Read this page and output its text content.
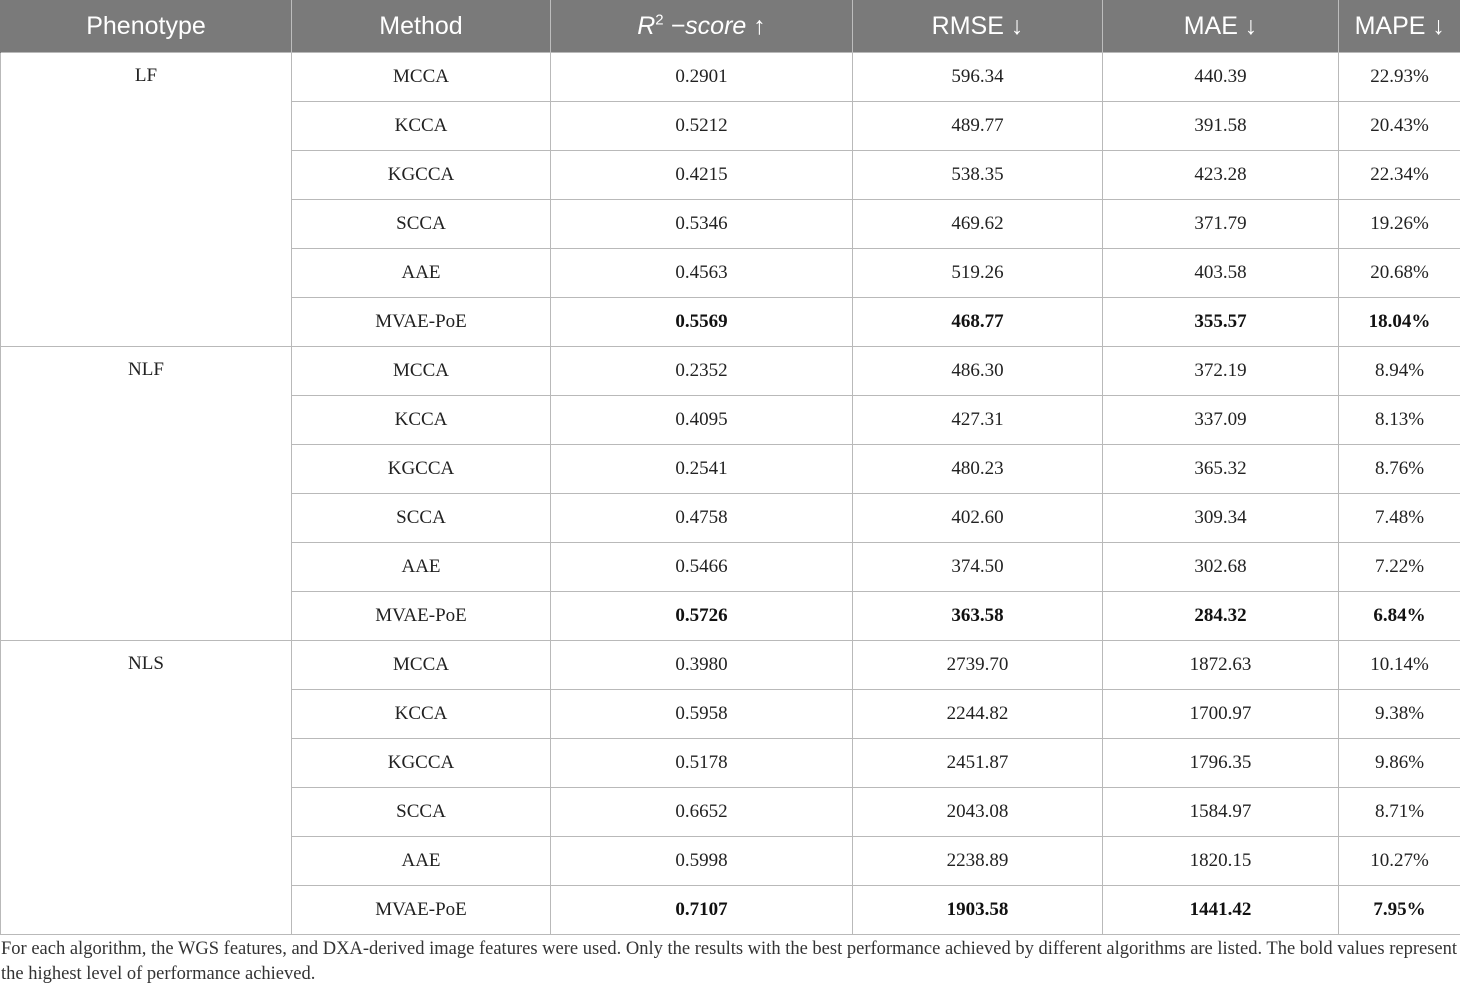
Phenotype	Method	$R^2$ −score ↑	RMSE ↓	MAE ↓	MAPE ↓
LF	MCCA	0.2901	596.34	440.39	22.93%
	KCCA	0.5212	489.77	391.58	20.43%
	KGCCA	0.4215	538.35	423.28	22.34%
	SCCA	0.5346	469.62	371.79	19.26%
	AAE	0.4563	519.26	403.58	20.68%
	MVAE-PoE	0.5569	468.77	355.57	18.04%
NLF	MCCA	0.2352	486.30	372.19	8.94%
	KCCA	0.4095	427.31	337.09	8.13%
	KGCCA	0.2541	480.23	365.32	8.76%
	SCCA	0.4758	402.60	309.34	7.48%
	AAE	0.5466	374.50	302.68	7.22%
	MVAE-PoE	0.5726	363.58	284.32	6.84%
NLS	MCCA	0.3980	2739.70	1872.63	10.14%
	KCCA	0.5958	2244.82	1700.97	9.38%
	KGCCA	0.5178	2451.87	1796.35	9.86%
	SCCA	0.6652	2043.08	1584.97	8.71%
	AAE	0.5998	2238.89	1820.15	10.27%
	MVAE-PoE	0.7107	1903.58	1441.42	7.95%

For each algorithm, the WGS features, and DXA-derived image features were used. Only the results with the best performance achieved by different algorithms are listed. The bold values represent the highest level of performance achieved.
